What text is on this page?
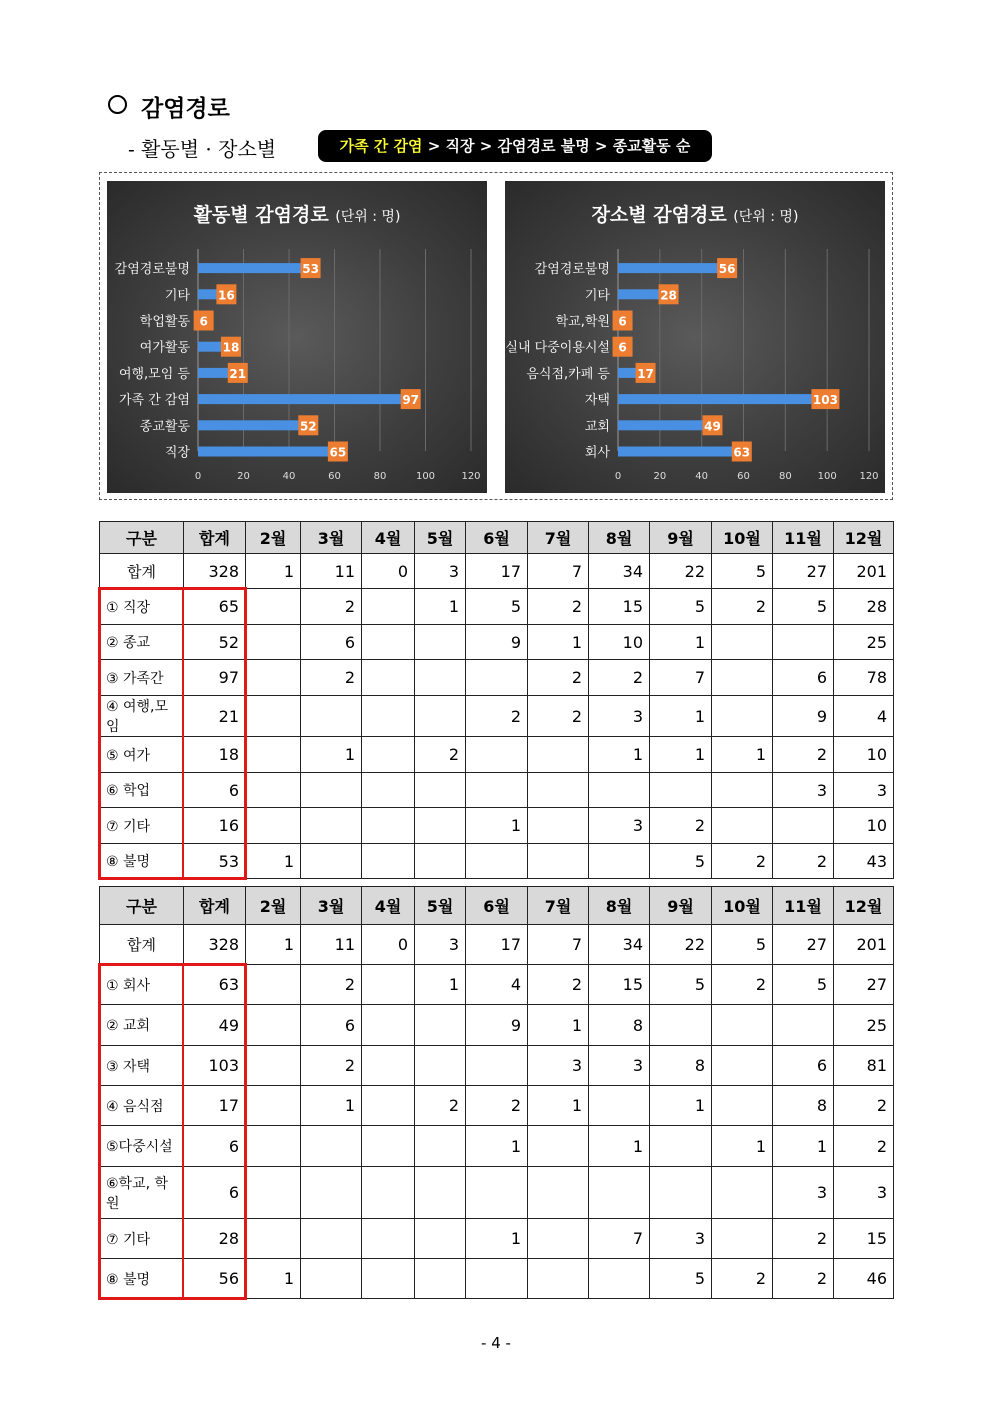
감염경로
- 활동별 · 장소별	가족 간 감염 > 직장 > 감염경로 불명 > 종교활동 순
활동별 감염경로 (단위 : 명)
0	20	40	60	80	100	120
감염경로불명	53
기타 16
학업활동 6
여가활동	18
여행,모임 등	21
가족 간 감염	97
종교활동	52
직장	65
장소별 감염경로 (단위 : 명)
0	20	40	60	80	100 120
감염경로불명	56
기타	28
학교,학원 6
실내 다중이용시설 6
음식점,카페 등 17
자택	103
교회	49
회사	63
구분	합계	2월	3월	4월	5월	6월	7월	8월	9월	10월	11월	12월
합계	328	1	11	0	3	17	7	34	22	5	27	201
① 직장	65		2		1	5	2	15	5	2	5	28
② 종교	52		6			9	1	10	1			25
③ 가족간	97		2				2	2	7		6	78
④ 여행,모임	21					2	2	3	1		9	4
⑤ 여가	18		1		2			1	1	1	2	10
⑥ 학업	6										3	3
⑦ 기타	16					1		3	2			10
⑧ 불명	53	1							5	2	2	43
구분	합계	2월	3월	4월	5월	6월	7월	8월	9월	10월	11월	12월
합계	328	1	11	0	3	17	7	34	22	5	27	201
① 회사	63		2		1	4	2	15	5	2	5	27
② 교회	49		6			9	1	8				25
③ 자택	103		2				3	3	8		6	81
④ 음식점	17		1		2	2	1		1		8	2
⑤다중시설	6					1		1		1	1	2
⑥학교, 학원	6										3	3
⑦ 기타	28					1		7	3		2	15
⑧ 불명	56	1							5	2	2	46
- 4 -
